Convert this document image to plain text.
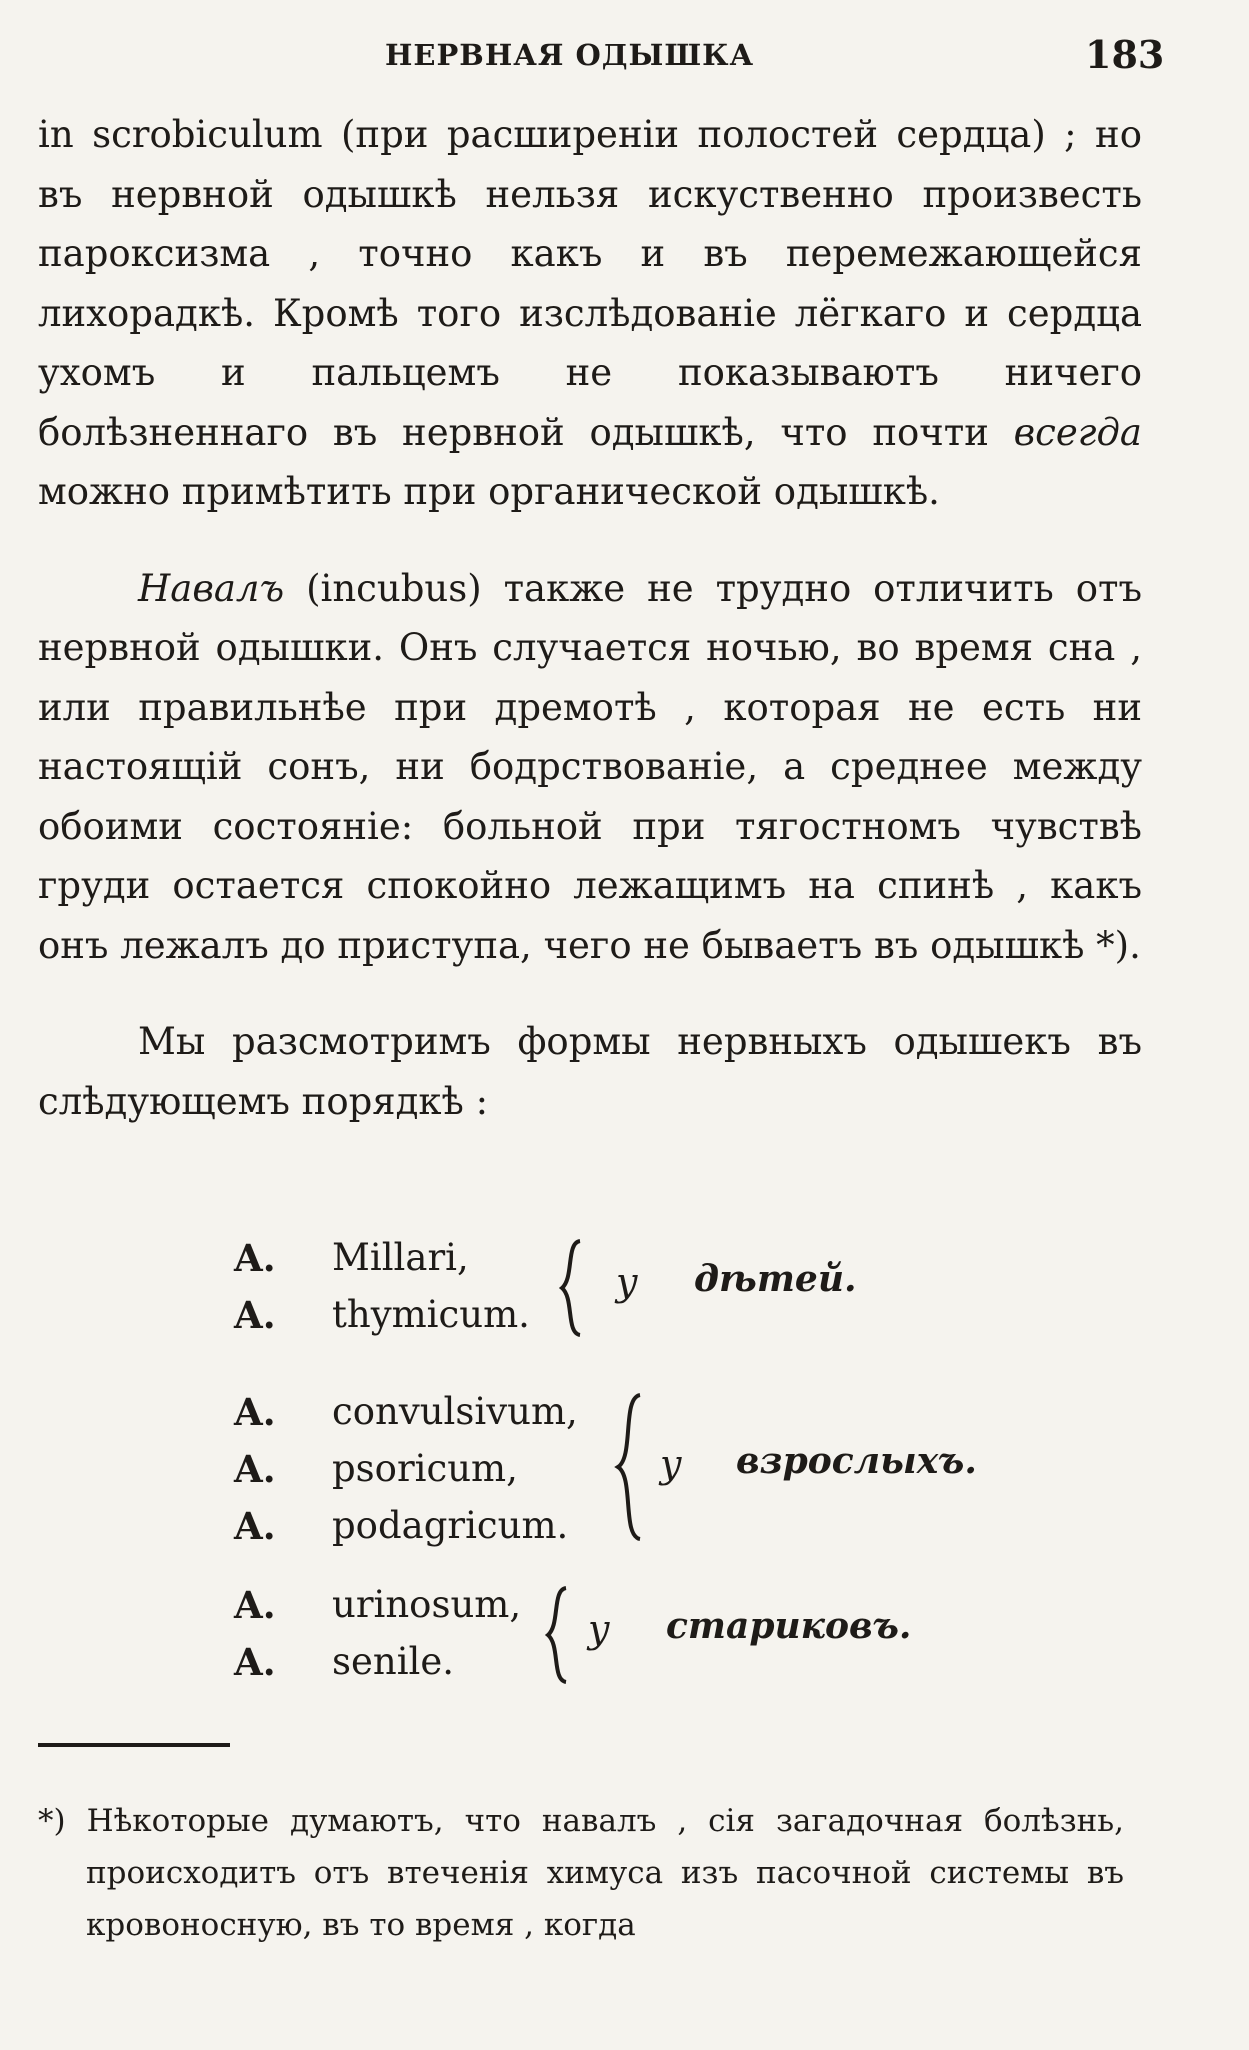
НЕРВНАЯ ОДЫШКА	183

in scrobiculum (при расширенiи полостей сердца) ; но въ нервной одышкѣ нельзя искуственно произвесть пароксизма , точно какъ и въ перемежающейся лихорадкѣ. Кромѣ того изслѣдованiе лёгкаго и сердца ухомъ и пальцемъ не показываютъ ничего болѣзненнаго въ нервной одышкѣ, что почти всегда можно примѣтить при органической одышкѣ.

Навалъ (incubus) также не трудно отличить отъ нервной одышки. Онъ случается ночью, во время сна , или правильнѣе при дремотѣ , которая не есть ни настоящiй сонъ, ни бодрствованiе, а среднее между обоими состоянiе: больной при тягостномъ чувствѣ груди остается спокойно лежащимъ на спинѣ , какъ онъ лежалъ до приступа, чего не бываетъ въ одышкѣ *).

Мы разсмотримъ формы нервныхъ одышекъ въ слѣдующемъ порядкѣ :

A. Millari,
A. thymicum.
у дѣтей.
A. convulsivum,
A. psoricum,
A. podagricum.
у взрослыхъ.
A. urinosum,
A. senile.
у стариковъ.

*) Нѣкоторые думаютъ, что навалъ , сiя загадочная болѣзнь, происходитъ отъ втеченiя химуса изъ пасочной системы въ кровоносную, въ то время , когда
